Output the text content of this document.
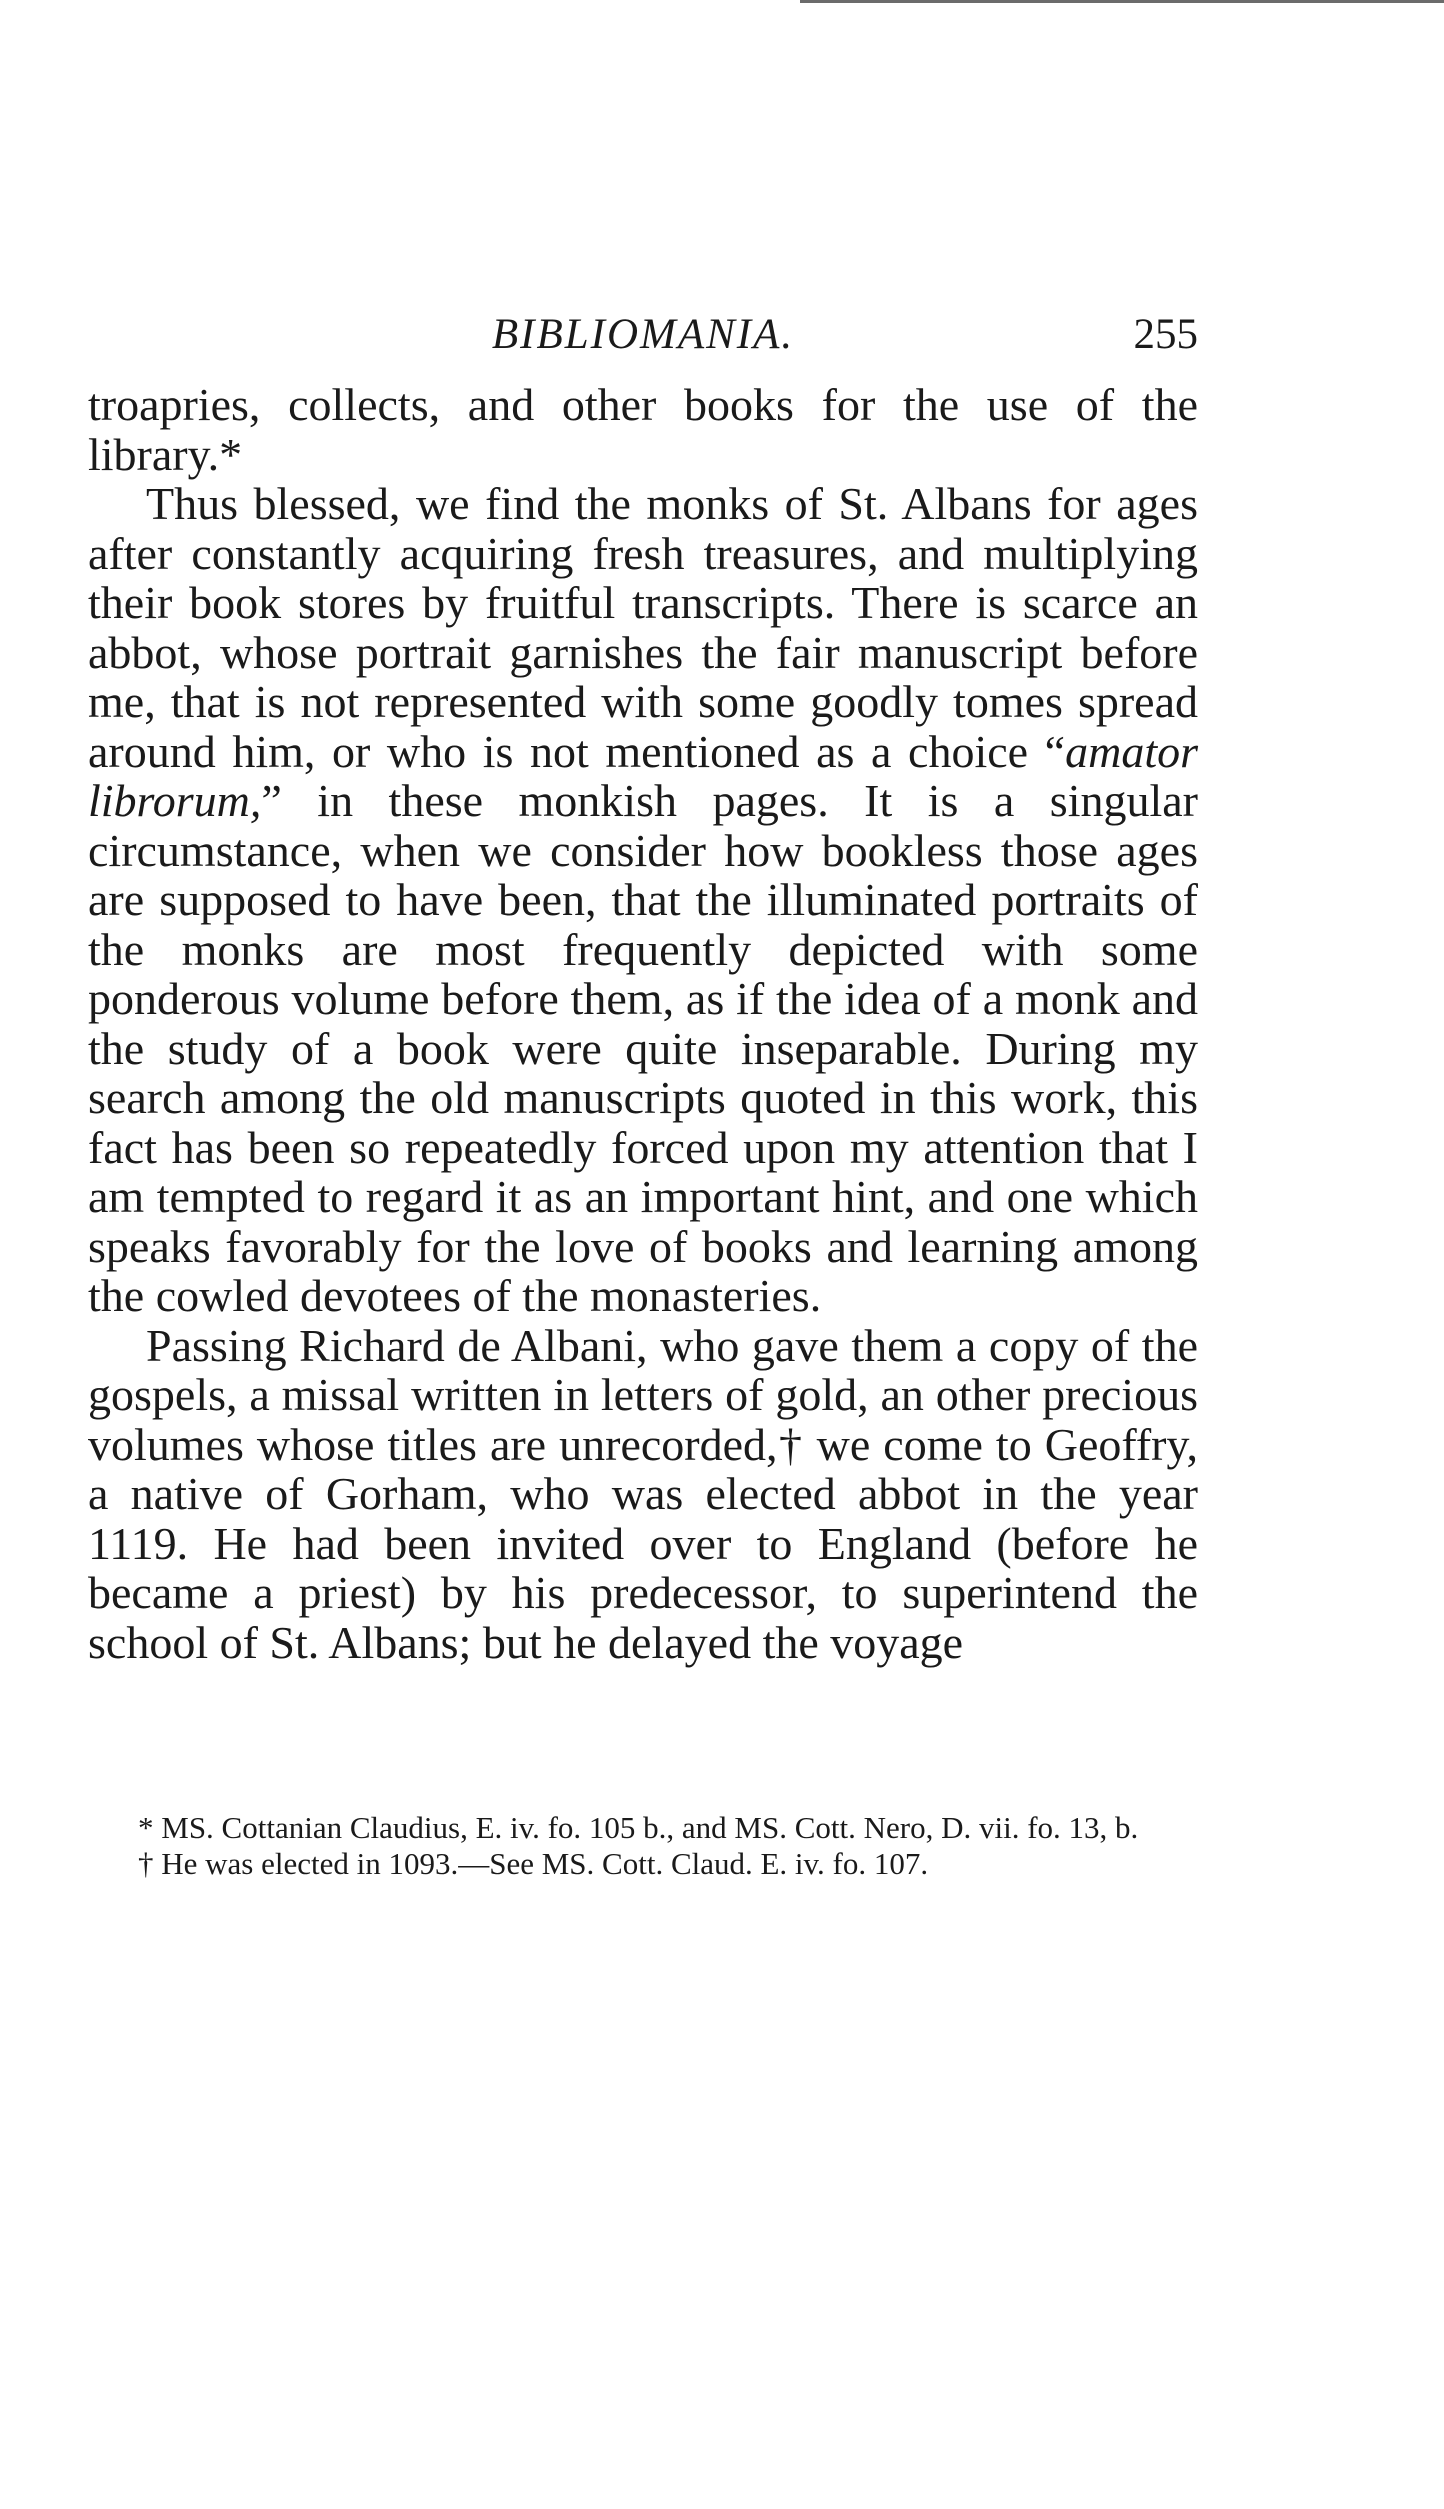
BIBLIOMANIA.	255

troapries, collects, and other books for the use of the library.*

Thus blessed, we find the monks of St. Albans for ages after constantly acquiring fresh treasures, and multiplying their book stores by fruitful transcripts. There is scarce an abbot, whose portrait garnishes the fair manuscript before me, that is not represented with some goodly tomes spread around him, or who is not mentioned as a choice “amator librorum,” in these monkish pages. It is a singular circumstance, when we consider how bookless those ages are supposed to have been, that the illuminated portraits of the monks are most frequently depicted with some ponderous volume before them, as if the idea of a monk and the study of a book were quite inseparable. During my search among the old manuscripts quoted in this work, this fact has been so repeatedly forced upon my attention that I am tempted to regard it as an important hint, and one which speaks favorably for the love of books and learning among the cowled devotees of the monasteries.

Passing Richard de Albani, who gave them a copy of the gospels, a missal written in letters of gold, an other precious volumes whose titles are unrecorded,† we come to Geoffry, a native of Gorham, who was elected abbot in the year 1119. He had been invited over to England (before he became a priest) by his predecessor, to superintend the school of St. Albans; but he delayed the voyage

* MS. Cottanian Claudius, E. iv. fo. 105 b., and MS. Cott. Nero, D. vii. fo. 13, b.

† He was elected in 1093.—See MS. Cott. Claud. E. iv. fo. 107.
